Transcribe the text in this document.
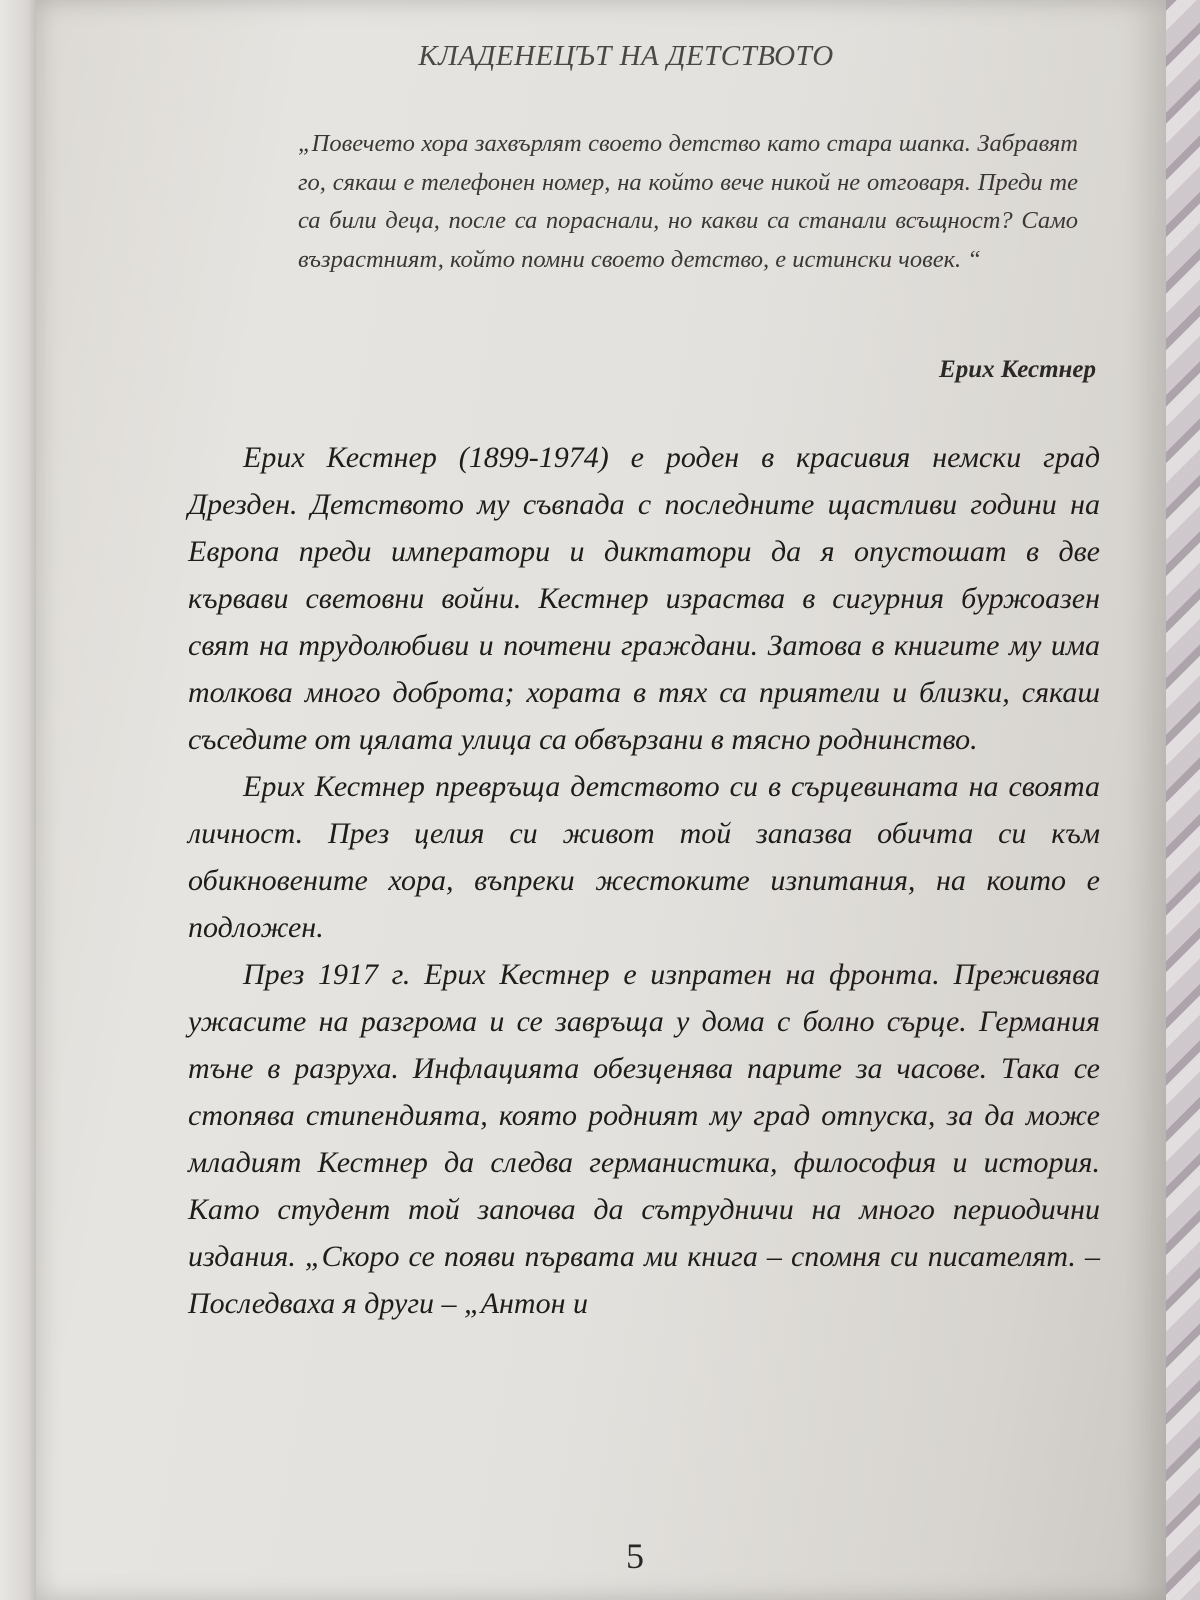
КЛАДЕНЕЦЪТ НА ДЕТСТВОТО
„Повечето хора захвърлят своето детство като стара шапка. Забравят го, сякаш е телефонен номер, на който вече никой не отговаря. Преди те са били деца, после са пораснали, но какви са станали всъщност? Само възрастният, който помни своето детство, е истински човек. “
Ерих Кестнер

Ерих Кестнер (1899-1974) е роден в красивия немски град Дрезден. Детството му съвпада с последните щастливи години на Европа преди императори и диктатори да я опустошат в две кървави световни войни. Кестнер израства в сигурния буржоазен свят на трудолюбиви и почтени граждани. Затова в книгите му има толкова много доброта; хората в тях са приятели и близки, сякаш съседите от цялата улица са обвързани в тясно роднинство.

Ерих Кестнер превръща детството си в сърцевината на своята личност. През целия си живот той запазва обичта си към обикновените хора, въпреки жестоките изпитания, на които е подложен.

През 1917 г. Ерих Кестнер е изпратен на фронта. Преживява ужасите на разгрома и се завръща у дома с болно сърце. Германия тъне в разруха. Инфлацията обезценява парите за часове. Така се стопява стипендията, която родният му град отпуска, за да може младият Кестнер да следва германистика, философия и история. Като студент той започва да сътрудничи на много периодични издания. „Скоро се появи първата ми книга – спомня си писателят. – Последваха я други – „Антон и

5
